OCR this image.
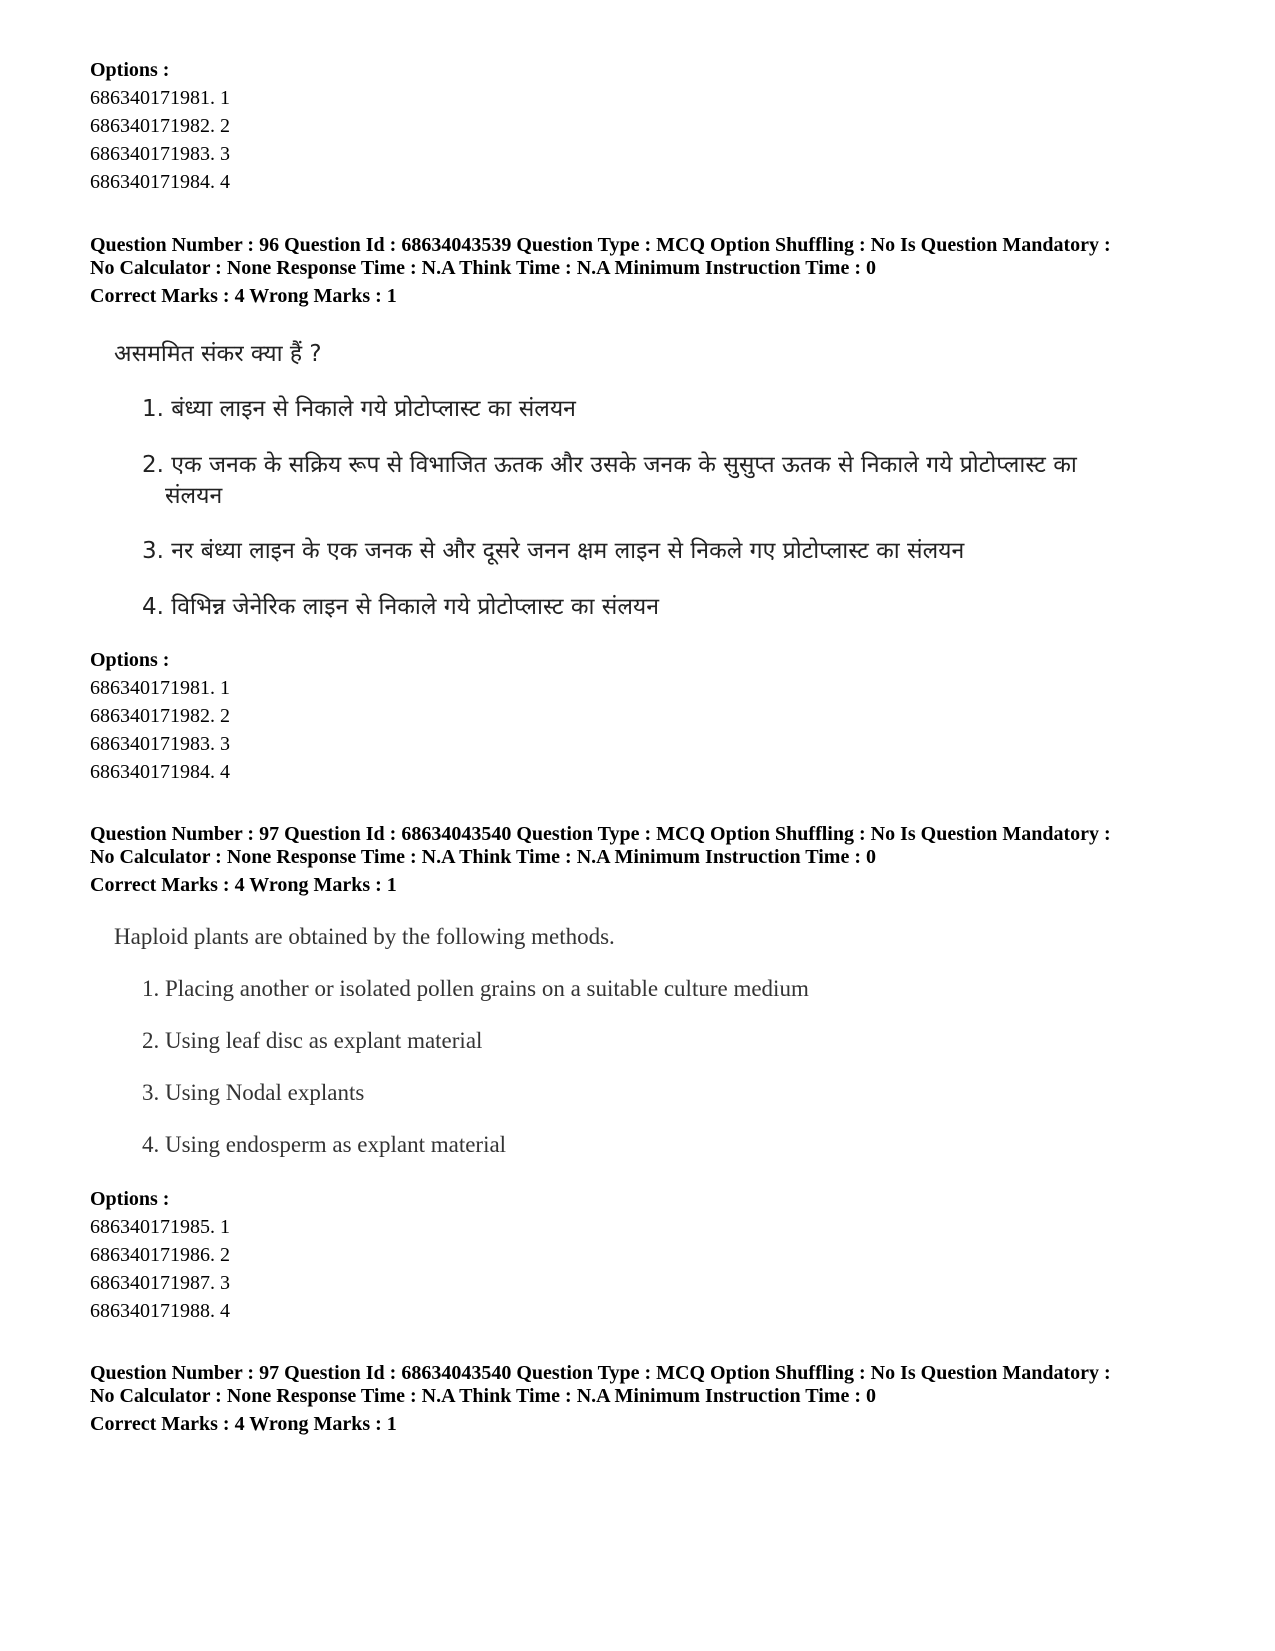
Options :
686340171981. 1
686340171982. 2
686340171983. 3
686340171984. 4
Question Number : 96 Question Id : 68634043539 Question Type : MCQ Option Shuffling : No Is Question Mandatory :
No Calculator : None Response Time : N.A Think Time : N.A Minimum Instruction Time : 0
Correct Marks : 4 Wrong Marks : 1
असममित संकर क्या हैं ?
1. बंध्या लाइन से निकाले गये प्रोटोप्लास्ट का संलयन
2. एक जनक के सक्रिय रूप से विभाजित ऊतक और उसके जनक के सुसुप्त ऊतक से निकाले गये प्रोटोप्लास्ट का
संलयन
3. नर बंध्या लाइन के एक जनक से और दूसरे जनन क्षम लाइन से निकले गए प्रोटोप्लास्ट का संलयन
4. विभिन्न जेनेरिक लाइन से निकाले गये प्रोटोप्लास्ट का संलयन
Options :
686340171981. 1
686340171982. 2
686340171983. 3
686340171984. 4
Question Number : 97 Question Id : 68634043540 Question Type : MCQ Option Shuffling : No Is Question Mandatory :
No Calculator : None Response Time : N.A Think Time : N.A Minimum Instruction Time : 0
Correct Marks : 4 Wrong Marks : 1
Haploid plants are obtained by the following methods.
1. Placing another or isolated pollen grains on a suitable culture medium
2. Using leaf disc as explant material
3. Using Nodal explants
4. Using endosperm as explant material
Options :
686340171985. 1
686340171986. 2
686340171987. 3
686340171988. 4
Question Number : 97 Question Id : 68634043540 Question Type : MCQ Option Shuffling : No Is Question Mandatory :
No Calculator : None Response Time : N.A Think Time : N.A Minimum Instruction Time : 0
Correct Marks : 4 Wrong Marks : 1
